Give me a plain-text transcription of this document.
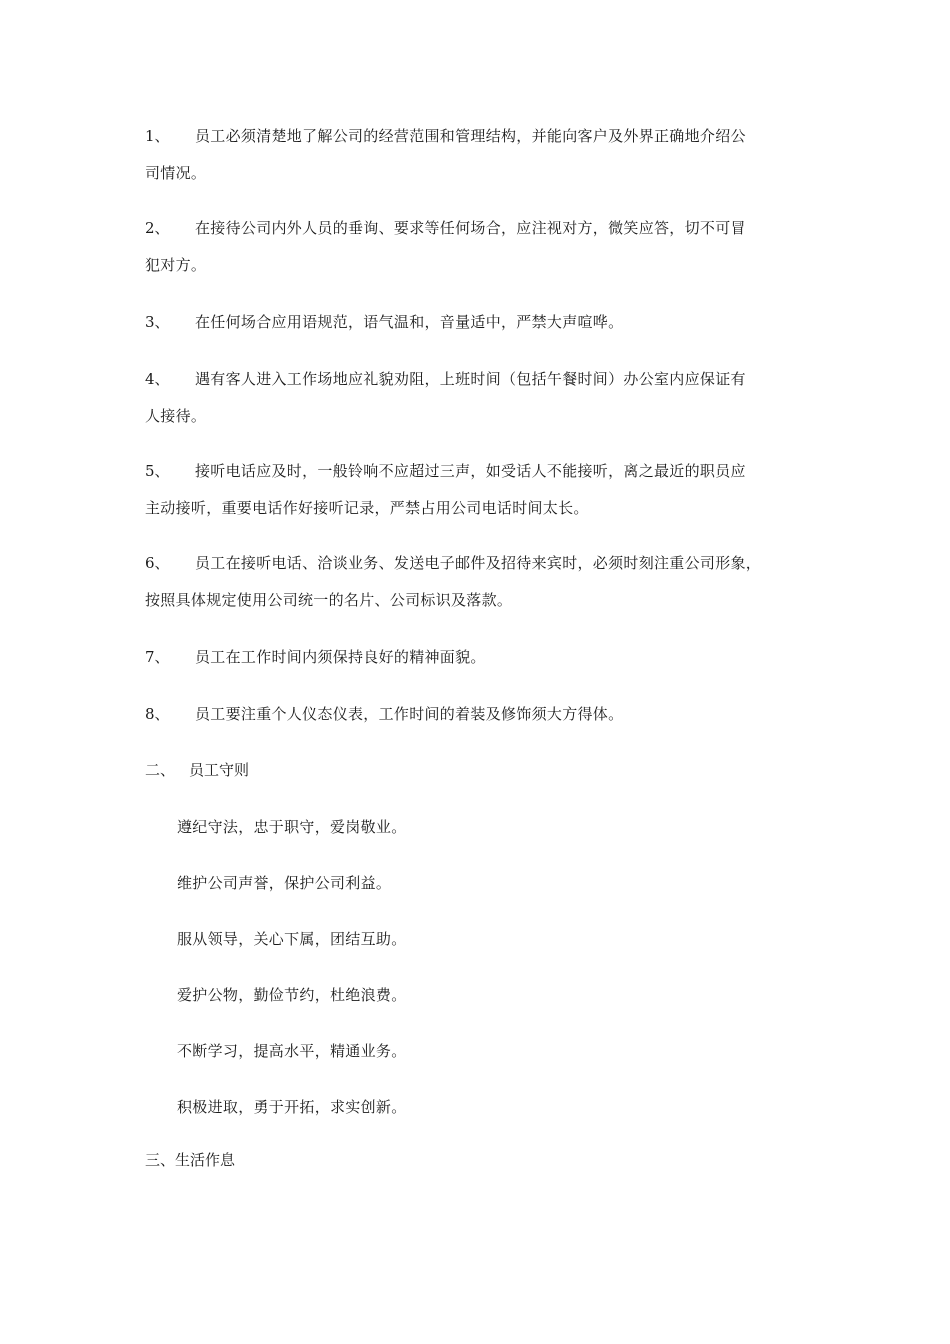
1、	员工必须清楚地了解公司的经营范围和管理结构，并能向客户及外界正确地介绍公
司情况。
2、	在接待公司内外人员的垂询、要求等任何场合，应注视对方，微笑应答，切不可冒
犯对方。
3、	在任何场合应用语规范，语气温和，音量适中，严禁大声喧哗。
4、	遇有客人进入工作场地应礼貌劝阻，上班时间（包括午餐时间）办公室内应保证有
人接待。
5、	接听电话应及时，一般铃响不应超过三声，如受话人不能接听，离之最近的职员应
主动接听，重要电话作好接听记录，严禁占用公司电话时间太长。
6、	员工在接听电话、洽谈业务、发送电子邮件及招待来宾时，必须时刻注重公司形象，
按照具体规定使用公司统一的名片、公司标识及落款。
7、	员工在工作时间内须保持良好的精神面貌。
8、	员工要注重个人仪态仪表，工作时间的着装及修饰须大方得体。
二、 员工守则
遵纪守法，忠于职守，爱岗敬业。
维护公司声誉，保护公司利益。
服从领导，关心下属，团结互助。
爱护公物，勤俭节约，杜绝浪费。
不断学习，提高水平，精通业务。
积极进取，勇于开拓，求实创新。
三、生活作息
